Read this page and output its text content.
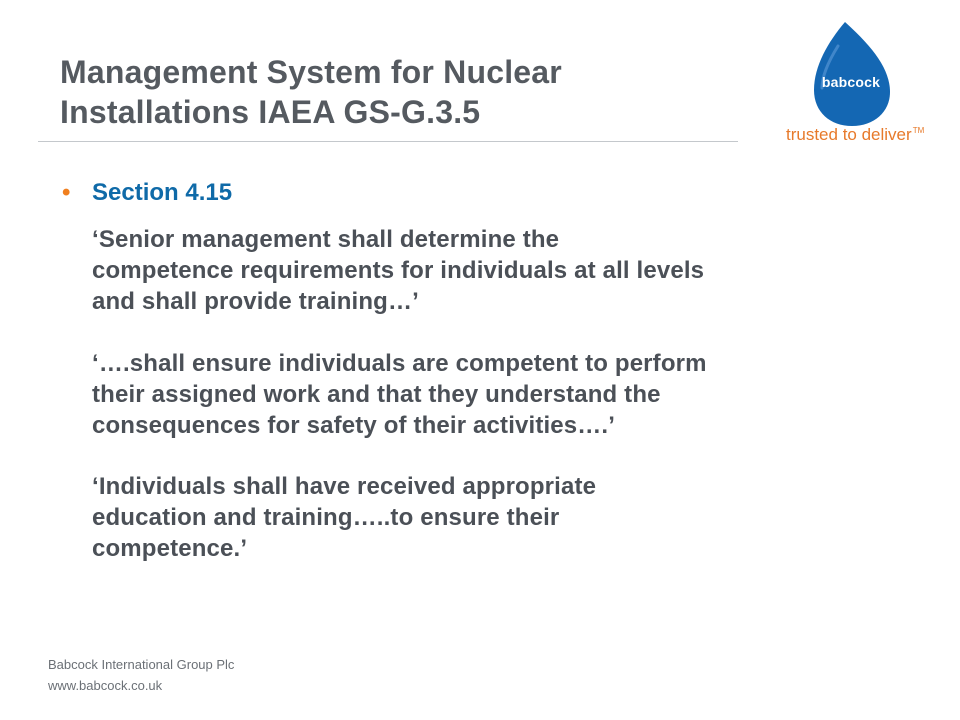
Management System for Nuclear
Installations IAEA GS-G.3.5
babcock
trusted to deliver™
• Section 4.15

‘Senior management shall determine the
competence requirements for individuals at all levels
and shall provide training…’

‘….shall ensure individuals are competent to perform
their assigned work and that they understand the
consequences for safety of their activities….’

‘Individuals shall have received appropriate
education and training…..to ensure their
competence.’

Babcock International Group Plc
www.babcock.co.uk
